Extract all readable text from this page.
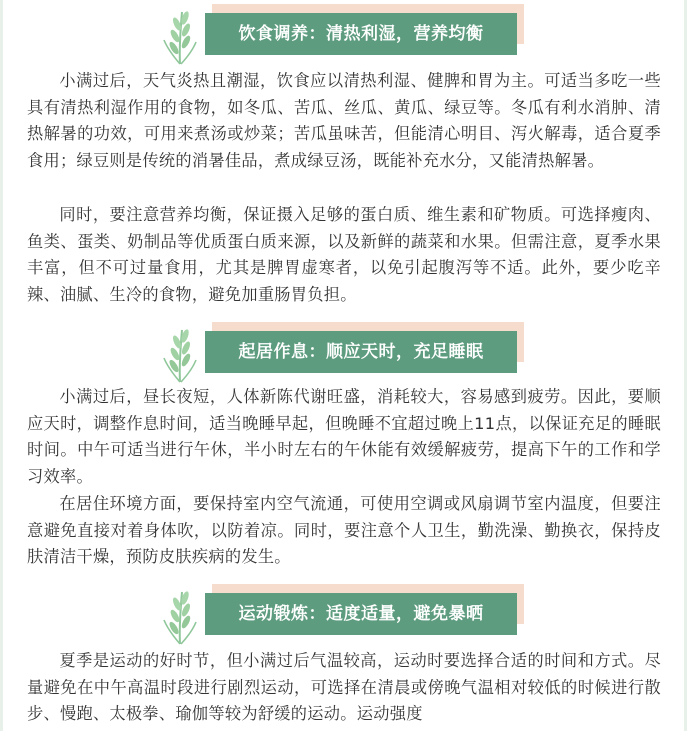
饮食调养：清热利湿，营养均衡

小满过后，天气炎热且潮湿，饮食应以清热利湿、健脾和胃为主。可适当多吃一些具有清热利湿作用的食物，如冬瓜、苦瓜、丝瓜、黄瓜、绿豆等。冬瓜有利水消肿、清热解暑的功效，可用来煮汤或炒菜；苦瓜虽味苦，但能清心明目、泻火解毒，适合夏季食用；绿豆则是传统的消暑佳品，煮成绿豆汤，既能补充水分，又能清热解暑。

同时，要注意营养均衡，保证摄入足够的蛋白质、维生素和矿物质。可选择瘦肉、鱼类、蛋类、奶制品等优质蛋白质来源，以及新鲜的蔬菜和水果。但需注意，夏季水果丰富，但不可过量食用，尤其是脾胃虚寒者，以免引起腹泻等不适。此外，要少吃辛辣、油腻、生冷的食物，避免加重肠胃负担。

起居作息：顺应天时，充足睡眠

小满过后，昼长夜短，人体新陈代谢旺盛，消耗较大，容易感到疲劳。因此，要顺应天时，调整作息时间，适当晚睡早起，但晚睡不宜超过晚上11点，以保证充足的睡眠时间。中午可适当进行午休，半小时左右的午休能有效缓解疲劳，提高下午的工作和学习效率。

在居住环境方面，要保持室内空气流通，可使用空调或风扇调节室内温度，但要注意避免直接对着身体吹，以防着凉。同时，要注意个人卫生，勤洗澡、勤换衣，保持皮肤清洁干燥，预防皮肤疾病的发生。

运动锻炼：适度适量，避免暴晒

夏季是运动的好时节，但小满过后气温较高，运动时要选择合适的时间和方式。尽量避免在中午高温时段进行剧烈运动，可选择在清晨或傍晚气温相对较低的时候进行散步、慢跑、太极拳、瑜伽等较为舒缓的运动。运动强度
